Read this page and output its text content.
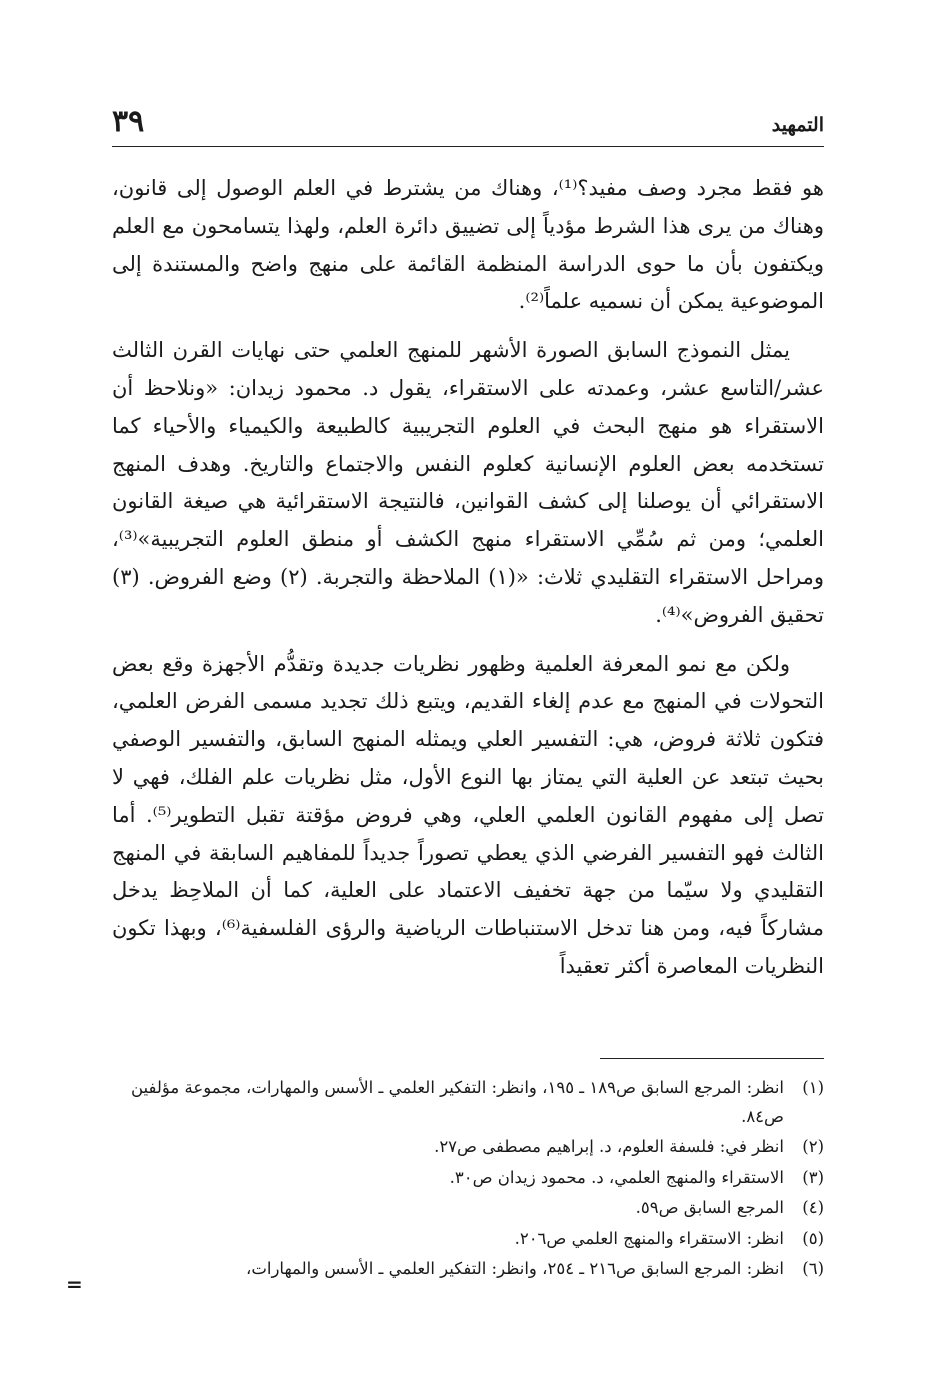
التمهيد
٣٩

هو فقط مجرد وصف مفيد؟⁽¹⁾، وهناك من يشترط في العلم الوصول إلى قانون، وهناك من يرى هذا الشرط مؤدياً إلى تضييق دائرة العلم، ولهذا يتسامحون مع العلم ويكتفون بأن ما حوى الدراسة المنظمة القائمة على منهج واضح والمستندة إلى الموضوعية يمكن أن نسميه علماً⁽²⁾.

يمثل النموذج السابق الصورة الأشهر للمنهج العلمي حتى نهايات القرن الثالث عشر/التاسع عشر، وعمدته على الاستقراء، يقول د. محمود زيدان: «ونلاحظ أن الاستقراء هو منهج البحث في العلوم التجريبية كالطبيعة والكيمياء والأحياء كما تستخدمه بعض العلوم الإنسانية كعلوم النفس والاجتماع والتاريخ. وهدف المنهج الاستقرائي أن يوصلنا إلى كشف القوانين، فالنتيجة الاستقرائية هي صيغة القانون العلمي؛ ومن ثم سُمِّي الاستقراء منهج الكشف أو منطق العلوم التجريبية»⁽³⁾، ومراحل الاستقراء التقليدي ثلاث: «(١) الملاحظة والتجربة. (٢) وضع الفروض. (٣) تحقيق الفروض»⁽⁴⁾.

ولكن مع نمو المعرفة العلمية وظهور نظريات جديدة وتقدُّم الأجهزة وقع بعض التحولات في المنهج مع عدم إلغاء القديم، ويتبع ذلك تجديد مسمى الفرض العلمي، فتكون ثلاثة فروض، هي: التفسير العلي ويمثله المنهج السابق، والتفسير الوصفي بحيث تبتعد عن العلية التي يمتاز بها النوع الأول، مثل نظريات علم الفلك، فهي لا تصل إلى مفهوم القانون العلمي العلي، وهي فروض مؤقتة تقبل التطوير⁽⁵⁾. أما الثالث فهو التفسير الفرضي الذي يعطي تصوراً جديداً للمفاهيم السابقة في المنهج التقليدي ولا سيّما من جهة تخفيف الاعتماد على العلية، كما أن الملاحِظ يدخل مشاركاً فيه، ومن هنا تدخل الاستنباطات الرياضية والرؤى الفلسفية⁽⁶⁾، وبهذا تكون النظريات المعاصرة أكثر تعقيداً

(١)
انظر: المرجع السابق ص١٨٩ ـ ١٩٥، وانظر: التفكير العلمي ـ الأسس والمهارات، مجموعة مؤلفين ص٨٤.
(٢)
انظر في: فلسفة العلوم، د. إبراهيم مصطفى ص٢٧.
(٣)
الاستقراء والمنهج العلمي، د. محمود زيدان ص٣٠.
(٤)
المرجع السابق ص٥٩.
(٥)
انظر: الاستقراء والمنهج العلمي ص٢٠٦.
(٦)
انظر: المرجع السابق ص٢١٦ ـ ٢٥٤، وانظر: التفكير العلمي ـ الأسس والمهارات،
=
